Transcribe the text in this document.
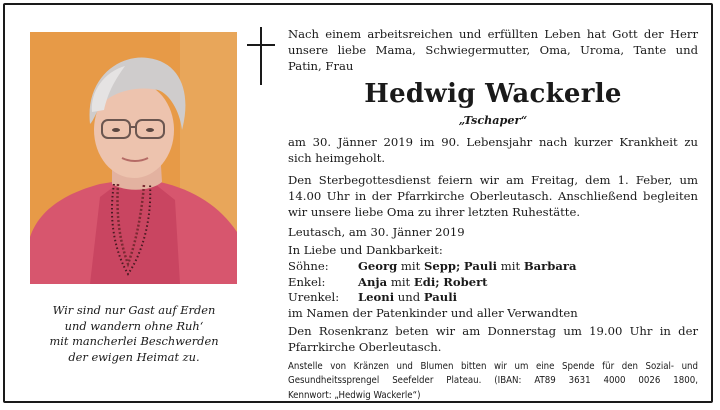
Wir sind nur Gast auf Erden
und wandern ohne Ruh‘
mit mancherlei Beschwerden
der ewigen Heimat zu.
Nach einem arbeitsreichen und erfüllten Leben hat Gott der Herr
unsere liebe Mama, Schwiegermutter, Oma, Uroma, Tante und
Patin, Frau
Hedwig Wackerle
„Tschaper“
am 30. Jänner 2019 im 90. Lebensjahr nach kurzer Krankheit zu
sich heimgeholt.
Den Sterbegottesdienst feiern wir am Freitag, dem 1. Feber, um
14.00 Uhr in der Pfarrkirche Oberleutasch. Anschließend begleiten
wir unsere liebe Oma zu ihrer letzten Ruhestätte.
Leutasch, am 30. Jänner 2019
In Liebe und Dankbarkeit:
Söhne:	Georg mit Sepp; Pauli mit Barbara
Enkel:	Anja mit Edi; Robert
Urenkel:	Leoni und Pauli
im Namen der Patenkinder und aller Verwandten
Den Rosenkranz beten wir am Donnerstag um 19.00 Uhr in der
Pfarrkirche Oberleutasch.
Anstelle von Kränzen und Blumen bitten wir um eine Spende für den Sozial- und
Gesundheitssprengel Seefelder Plateau. (IBAN: AT89 3631 4000 0026 1800,
Kennwort: „Hedwig Wackerle“)
